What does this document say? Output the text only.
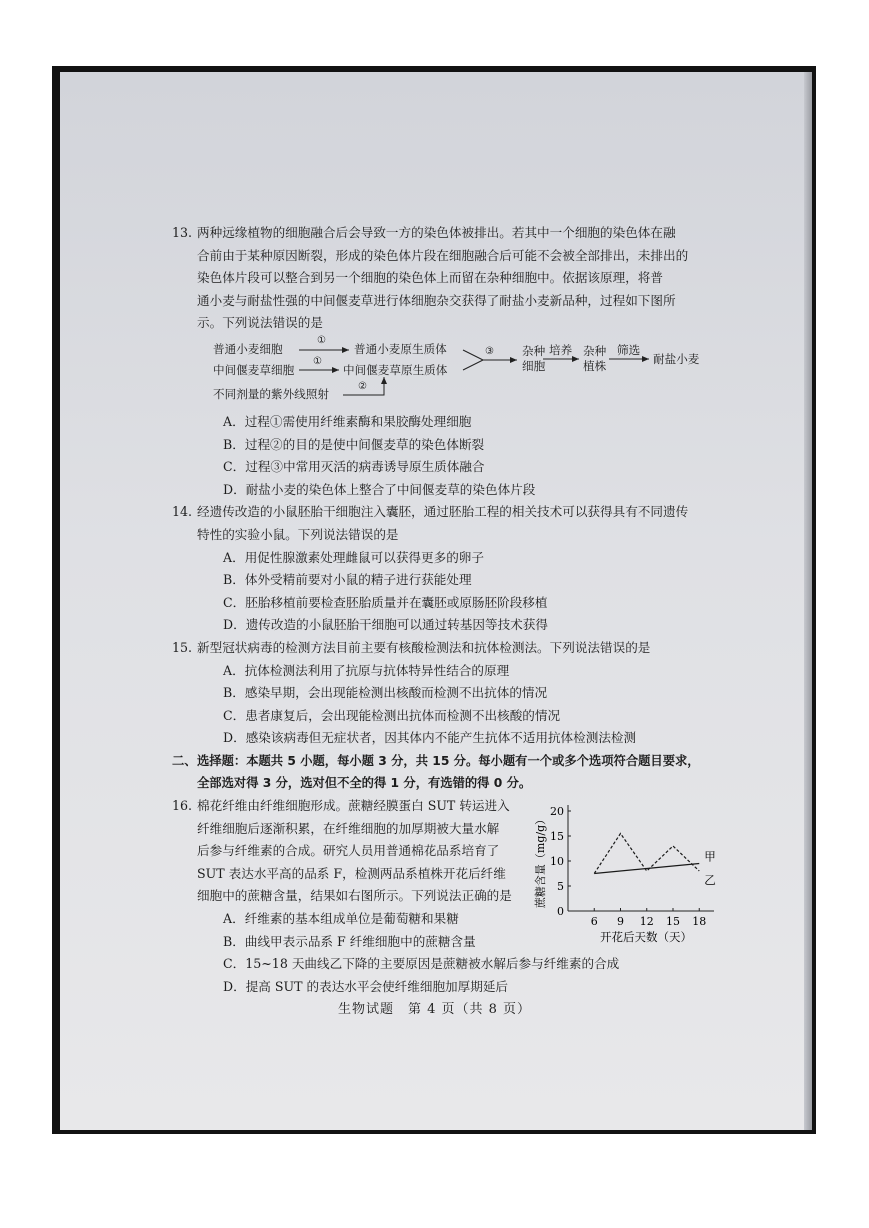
13. 两种远缘植物的细胞融合后会导致一方的染色体被排出。若其中一个细胞的染色体在融
合前由于某种原因断裂，形成的染色体片段在细胞融合后可能不会被全部排出，未排出的
染色体片段可以整合到另一个细胞的染色体上而留在杂种细胞中。依据该原理，将普
通小麦与耐盐性强的中间偃麦草进行体细胞杂交获得了耐盐小麦新品种，过程如下图所
示。下列说法错误的是
普通小麦细胞
①
普通小麦原生质体
中间偃麦草细胞
①
中间偃麦草原生质体
不同剂量的紫外线照射
②
③ 杂种
细胞
培养 杂种
植株
筛选
耐盐小麦
A．过程①需使用纤维素酶和果胶酶处理细胞
B．过程②的目的是使中间偃麦草的染色体断裂
C．过程③中常用灭活的病毒诱导原生质体融合
D．耐盐小麦的染色体上整合了中间偃麦草的染色体片段
14. 经遗传改造的小鼠胚胎干细胞注入囊胚，通过胚胎工程的相关技术可以获得具有不同遗传
特性的实验小鼠。下列说法错误的是
A．用促性腺激素处理雌鼠可以获得更多的卵子
B．体外受精前要对小鼠的精子进行获能处理
C．胚胎移植前要检查胚胎质量并在囊胚或原肠胚阶段移植
D．遗传改造的小鼠胚胎干细胞可以通过转基因等技术获得
15. 新型冠状病毒的检测方法目前主要有核酸检测法和抗体检测法。下列说法错误的是
A．抗体检测法利用了抗原与抗体特异性结合的原理
B．感染早期，会出现能检测出核酸而检测不出抗体的情况
C．患者康复后，会出现能检测出抗体而检测不出核酸的情况
D．感染该病毒但无症状者，因其体内不能产生抗体不适用抗体检测法检测
二、 选择题：本题共 5 小题，每小题 3 分，共 15 分。每小题有一个或多个选项符合题目要求，
全部选对得 3 分，选对但不全的得 1 分，有选错的得 0 分。
16. 棉花纤维由纤维细胞形成。蔗糖经膜蛋白 SUT 转运进入
纤维细胞后逐渐积累，在纤维细胞的加厚期被大量水解
后参与纤维素的合成。研究人员用普通棉花品系培育了
SUT 表达水平高的品系 F，检测两品系植株开花后纤维
细胞中的蔗糖含量，结果如右图所示。下列说法正确的是
A．纤维素的基本组成单位是葡萄糖和果糖
B．曲线甲表示品系 F 纤维细胞中的蔗糖含量
C．15~18 天曲线乙下降的主要原因是蔗糖被水解后参与纤维素的合成
D．提高 SUT 的表达水平会使纤维细胞加厚期延后
0
5
10
15
20
6 9 12 15 18
开花后天数（天）
蔗糖含量（mg/g）	甲
乙
生物试题　第 4 页（共 8 页）
